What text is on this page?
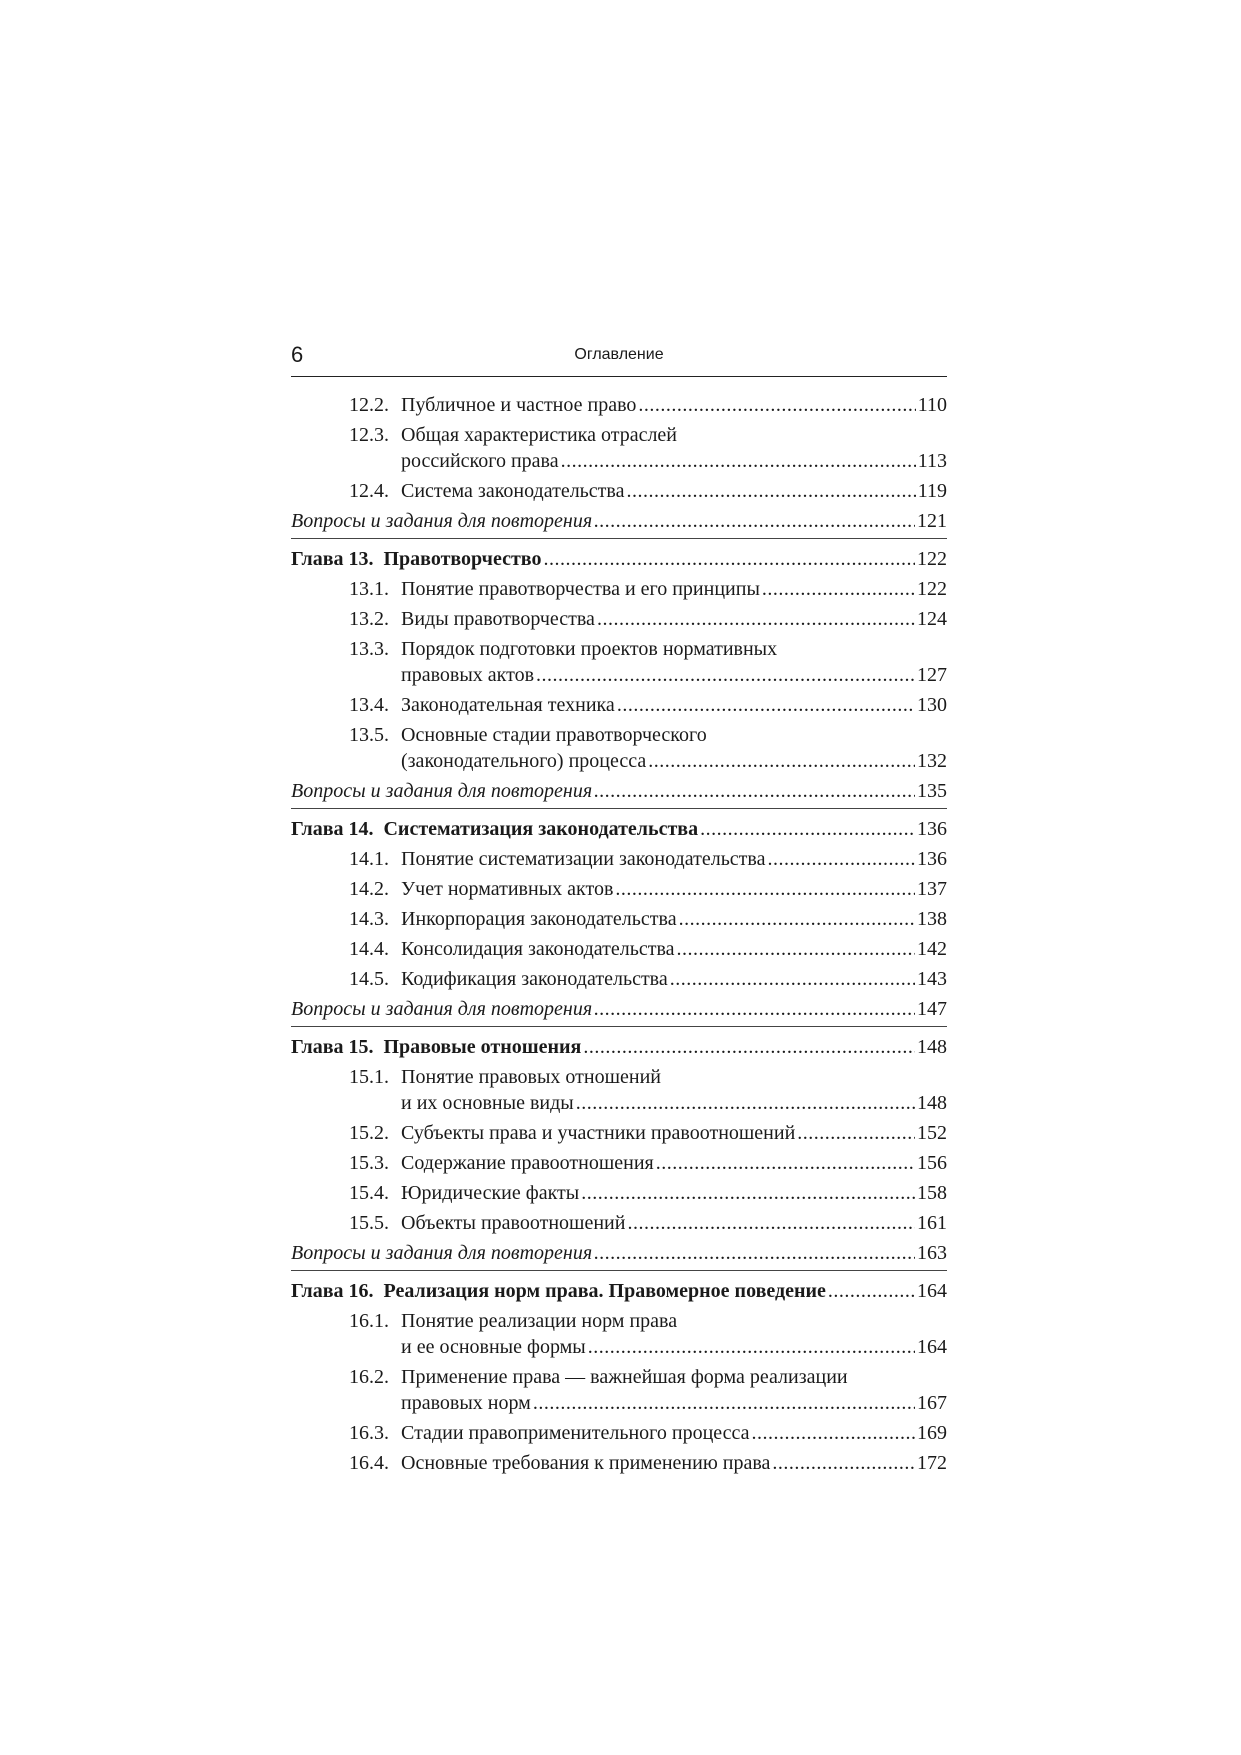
6	Оглавление
12.2. Публичное и частное право .....	110
12.3. Общая характеристика отраслей
российского права .....	113
12.4. Система законодательства .....	119
Вопросы и задания для повторения .....	121
Глава 13.  Правотворчество .....	122
13.1. Понятие правотворчества и его принципы .....	122
13.2. Виды правотворчества .....	124
13.3. Порядок подготовки проектов нормативных
правовых актов .....	127
13.4. Законодательная техника .....	130
13.5. Основные стадии правотворческого
(законодательного) процесса .....	132
Вопросы и задания для повторения .....	135
Глава 14.  Систематизация законодательства .....	136
14.1. Понятие систематизации законодательства .....	136
14.2. Учет нормативных актов .....	137
14.3. Инкорпорация законодательства .....	138
14.4. Консолидация законодательства .....	142
14.5. Кодификация законодательства .....	143
Вопросы и задания для повторения .....	147
Глава 15.  Правовые отношения .....	148
15.1. Понятие правовых отношений
и их основные виды .....	148
15.2. Субъекты права и участники правоотношений .....	152
15.3. Содержание правоотношения .....	156
15.4. Юридические факты .....	158
15.5. Объекты правоотношений .....	161
Вопросы и задания для повторения .....	163
Глава 16.  Реализация норм права. Правомерное поведение .....	164
16.1. Понятие реализации норм права
и ее основные формы .....	164
16.2. Применение права — важнейшая форма реализации
правовых норм .....	167
16.3. Стадии правоприменительного процесса .....	169
16.4. Основные требования к применению права .....	172
